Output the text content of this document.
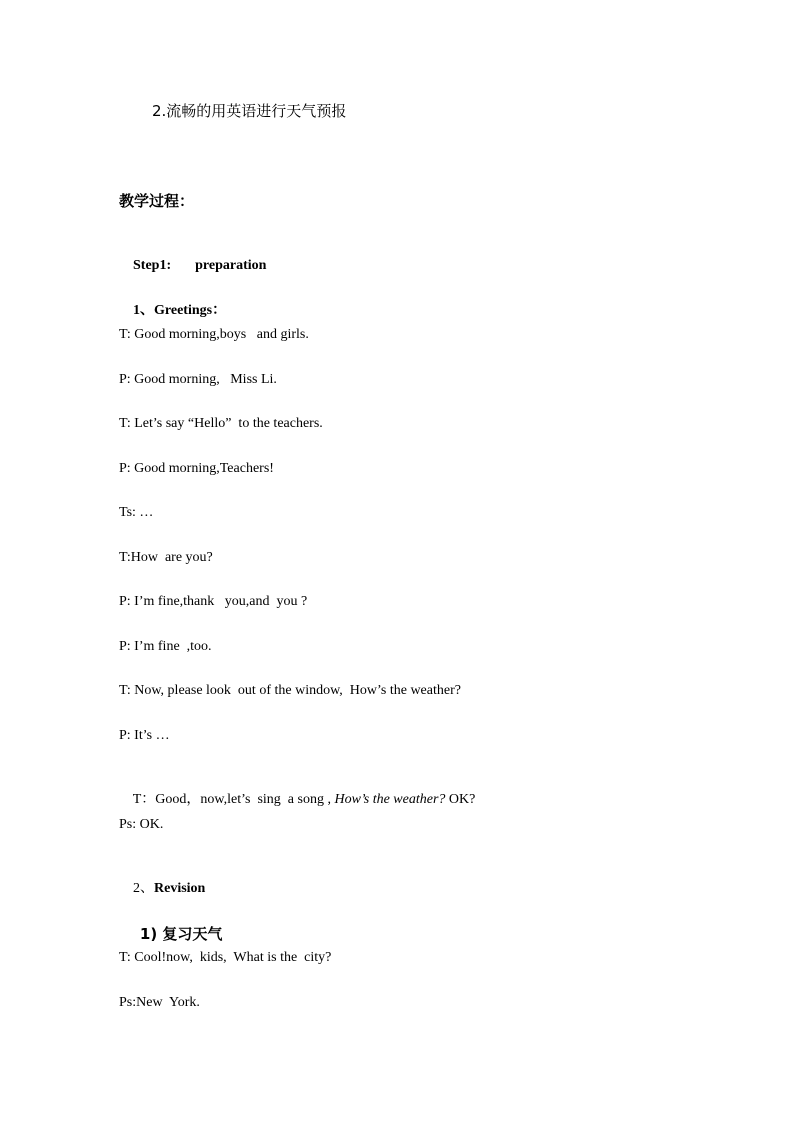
2.流畅的用英语进行天气预报
教学过程：

Step1: preparation

1、Greetings：

T: Good morning,boys   and girls.
P: Good morning,   Miss Li.
T: Let’s say “Hello”  to the teachers.
P: Good morning,Teachers!
Ts: …
T:How  are you?
P: I’m fine,thank   you,and  you ?
P: I’m fine  ,too.
T: Now, please look  out of the window,  How’s the weather?
P: It’s …

T：Good，now,let’s  sing  a song , How’s the weather? OK?

Ps: OK.

2、Revision

1) 复习天气

T: Cool!now,  kids,  What is the  city?
Ps:New  York.
